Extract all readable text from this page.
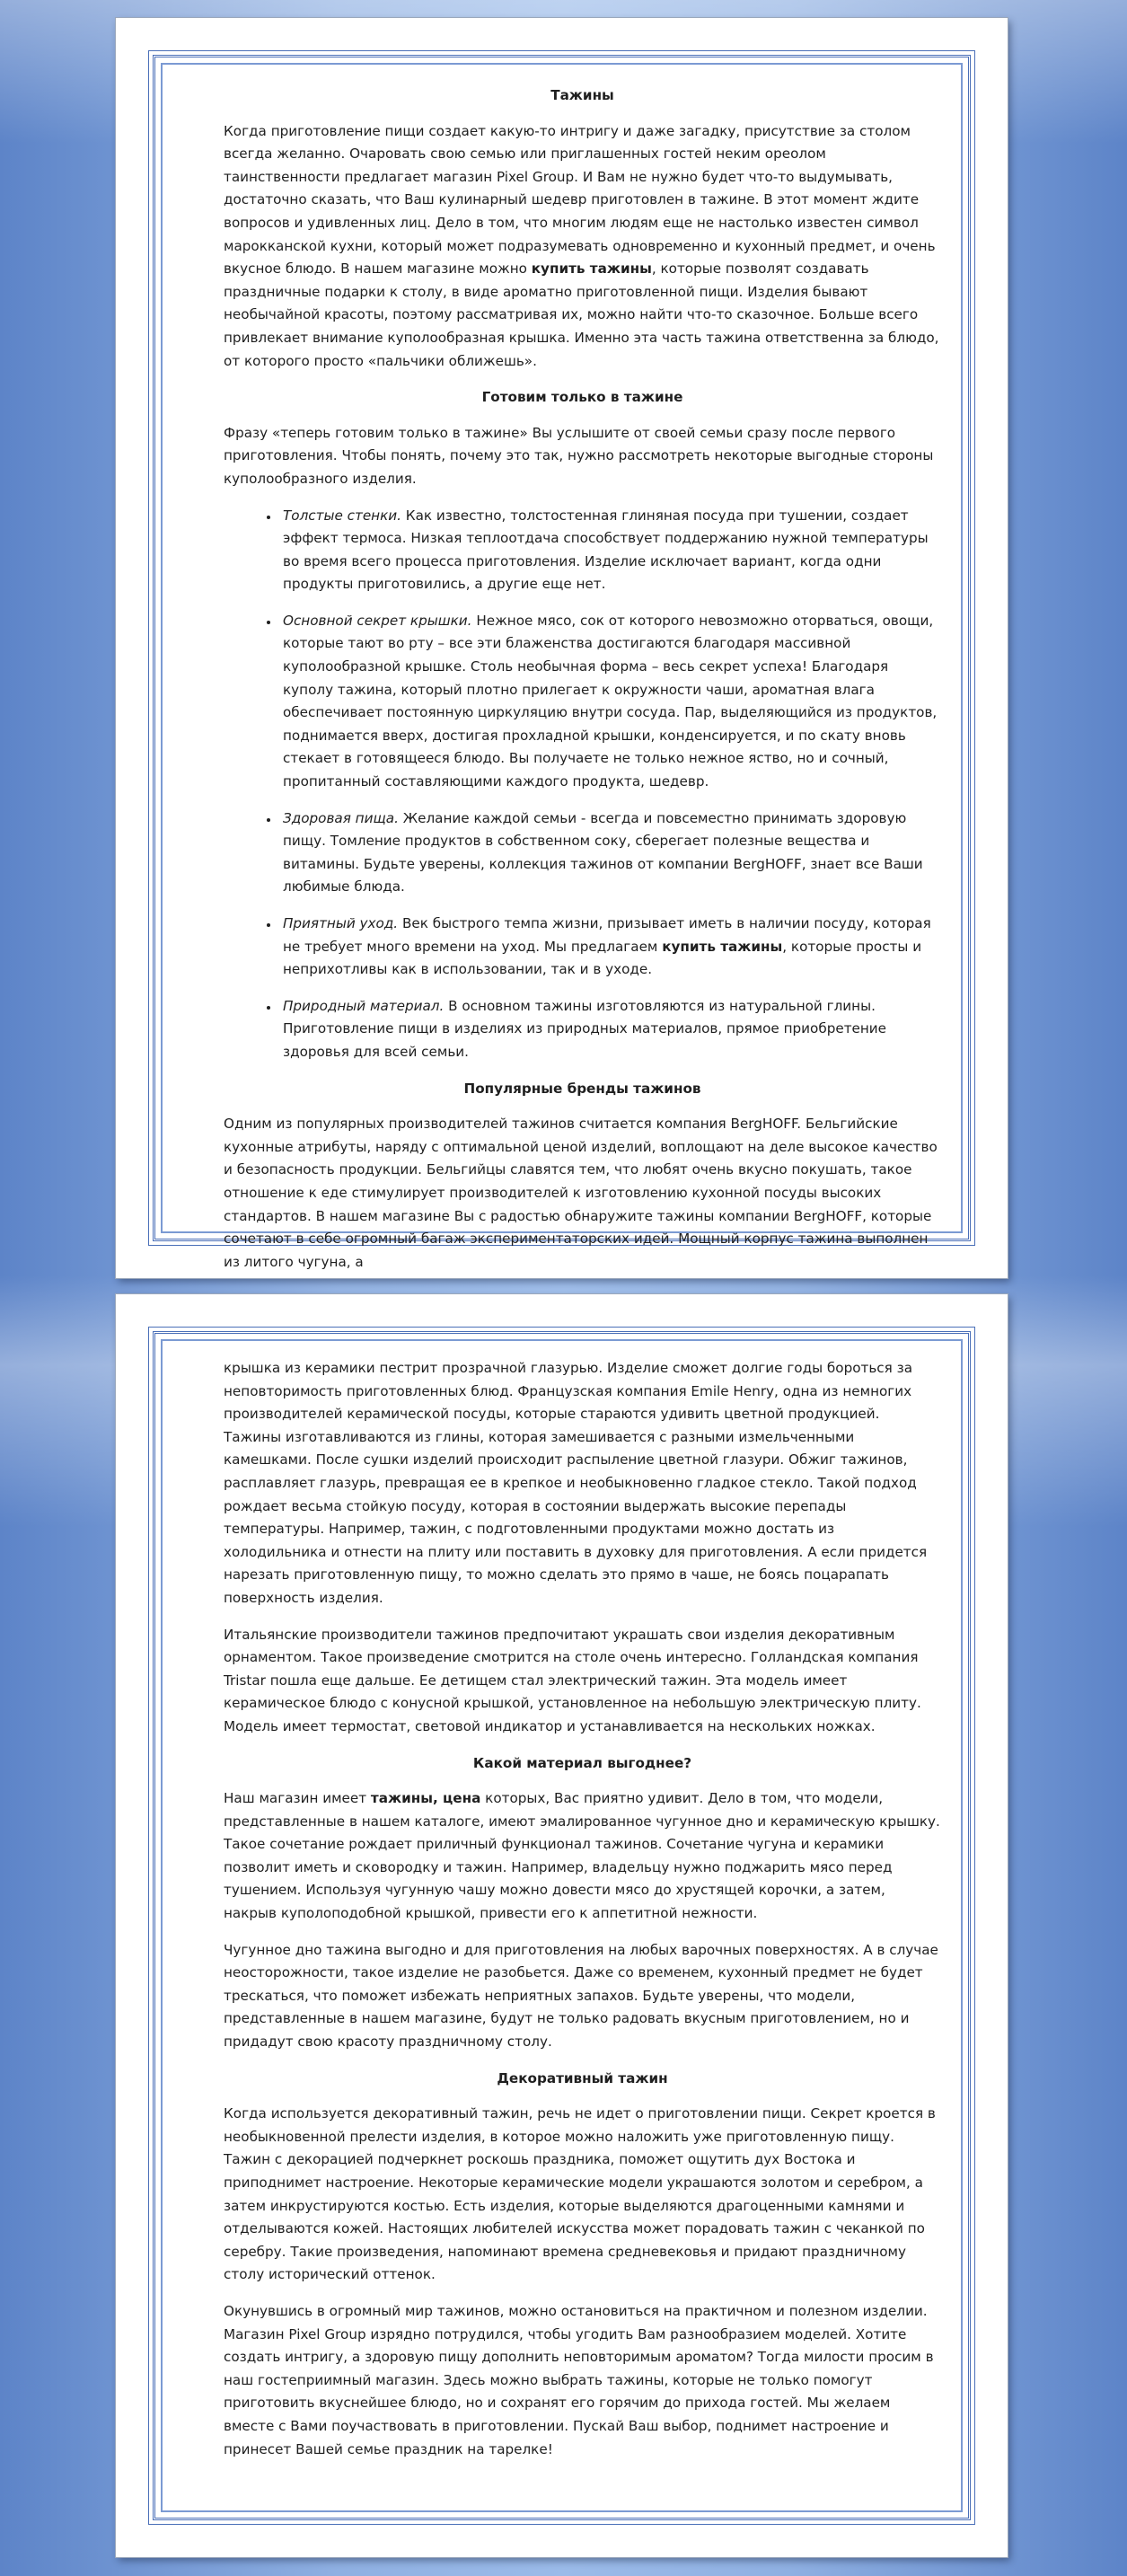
Тажины

Когда приготовление пищи создает какую-то интригу и даже загадку, присутствие за столом всегда желанно. Очаровать свою семью или приглашенных гостей неким ореолом таинственности предлагает магазин Pixel Group. И Вам не нужно будет что-то выдумывать, достаточно сказать, что Ваш кулинарный шедевр приготовлен в тажине. В этот момент ждите вопросов и удивленных лиц. Дело в том, что многим людям еще не настолько известен символ марокканской кухни, который может подразумевать одновременно и кухонный предмет, и очень вкусное блюдо. В нашем магазине можно купить тажины, которые позволят создавать праздничные подарки к столу, в виде ароматно приготовленной пищи. Изделия бывают необычайной красоты, поэтому рассматривая их, можно найти что-то сказочное. Больше всего привлекает внимание куполообразная крышка. Именно эта часть тажина ответственна за блюдо, от которого просто «пальчики оближешь».

Готовим только в тажине

Фразу «теперь готовим только в тажине» Вы услышите от своей семьи сразу после первого приготовления. Чтобы понять, почему это так, нужно рассмотреть некоторые выгодные стороны куполообразного изделия.

• Толстые стенки. Как известно, толстостенная глиняная посуда при тушении, создает эффект термоса. Низкая теплоотдача способствует поддержанию нужной температуры во время всего процесса приготовления. Изделие исключает вариант, когда одни продукты приготовились, а другие еще нет.
• Основной секрет крышки. Нежное мясо, сок от которого невозможно оторваться, овощи, которые тают во рту – все эти блаженства достигаются благодаря массивной куполообразной крышке. Столь необычная форма – весь секрет успеха! Благодаря куполу тажина, который плотно прилегает к окружности чаши, ароматная влага обеспечивает постоянную циркуляцию внутри сосуда. Пар, выделяющийся из продуктов, поднимается вверх, достигая прохладной крышки, конденсируется, и по скату вновь стекает в готовящееся блюдо. Вы получаете не только нежное яство, но и сочный, пропитанный составляющими каждого продукта, шедевр.
• Здоровая пища. Желание каждой семьи - всегда и повсеместно принимать здоровую пищу. Томление продуктов в собственном соку, сберегает полезные вещества и витамины. Будьте уверены, коллекция тажинов от компании BergHOFF, знает все Ваши любимые блюда.
• Приятный уход. Век быстрого темпа жизни, призывает иметь в наличии посуду, которая не требует много времени на уход. Мы предлагаем купить тажины, которые просты и неприхотливы как в использовании, так и в уходе.
• Природный материал. В основном тажины изготовляются из натуральной глины. Приготовление пищи в изделиях из природных материалов, прямое приобретение здоровья для всей семьи.
Популярные бренды тажинов

Одним из популярных производителей тажинов считается компания BergHOFF. Бельгийские кухонные атрибуты, наряду с оптимальной ценой изделий, воплощают на деле высокое качество и безопасность продукции. Бельгийцы славятся тем, что любят очень вкусно покушать, такое отношение к еде стимулирует производителей к изготовлению кухонной посуды высоких стандартов. В нашем магазине Вы с радостью обнаружите тажины компании BergHOFF, которые сочетают в себе огромный багаж экспериментаторских идей. Мощный корпус тажина выполнен из литого чугуна, а

крышка из керамики пестрит прозрачной глазурью. Изделие сможет долгие годы бороться за неповторимость приготовленных блюд. Французская компания Emile Henry, одна из немногих производителей керамической посуды, которые стараются удивить цветной продукцией. Тажины изготавливаются из глины, которая замешивается с разными измельченными камешками. После сушки изделий происходит распыление цветной глазури. Обжиг тажинов, расплавляет глазурь, превращая ее в крепкое и необыкновенно гладкое стекло. Такой подход рождает весьма стойкую посуду, которая в состоянии выдержать высокие перепады температуры. Например, тажин, с подготовленными продуктами можно достать из холодильника и отнести на плиту или поставить в духовку для приготовления. А если придется нарезать приготовленную пищу, то можно сделать это прямо в чаше, не боясь поцарапать поверхность изделия.

Итальянские производители тажинов предпочитают украшать свои изделия декоративным орнаментом. Такое произведение смотрится на столе очень интересно. Голландская компания Tristar пошла еще дальше. Ее детищем стал электрический тажин. Эта модель имеет керамическое блюдо с конусной крышкой, установленное на небольшую электрическую плиту. Модель имеет термостат, световой индикатор и устанавливается на нескольких ножках.

Какой материал выгоднее?

Наш магазин имеет тажины, цена которых, Вас приятно удивит. Дело в том, что модели, представленные в нашем каталоге, имеют эмалированное чугунное дно и керамическую крышку. Такое сочетание рождает приличный функционал тажинов. Сочетание чугуна и керамики позволит иметь и сковородку и тажин. Например, владельцу нужно поджарить мясо перед тушением. Используя чугунную чашу можно довести мясо до хрустящей корочки, а затем, накрыв куполоподобной крышкой, привести его к аппетитной нежности.

Чугунное дно тажина выгодно и для приготовления на любых варочных поверхностях. А в случае неосторожности, такое изделие не разобьется. Даже со временем, кухонный предмет не будет трескаться, что поможет избежать неприятных запахов. Будьте уверены, что модели, представленные в нашем магазине, будут не только радовать вкусным приготовлением, но и придадут свою красоту праздничному столу.

Декоративный тажин

Когда используется декоративный тажин, речь не идет о приготовлении пищи. Секрет кроется в необыкновенной прелести изделия, в которое можно наложить уже приготовленную пищу. Тажин с декорацией подчеркнет роскошь праздника, поможет ощутить дух Востока и приподнимет настроение. Некоторые керамические модели украшаются золотом и серебром, а затем инкрустируются костью. Есть изделия, которые выделяются драгоценными камнями и отделываются кожей. Настоящих любителей искусства может порадовать тажин с чеканкой по серебру. Такие произведения, напоминают времена средневековья и придают праздничному столу исторический оттенок.

Окунувшись в огромный мир тажинов, можно остановиться на практичном и полезном изделии. Магазин Pixel Group изрядно потрудился, чтобы угодить Вам разнообразием моделей. Хотите создать интригу, а здоровую пищу дополнить неповторимым ароматом? Тогда милости просим в наш гостеприимный магазин. Здесь можно выбрать тажины, которые не только помогут приготовить вкуснейшее блюдо, но и сохранят его горячим до прихода гостей. Мы желаем вместе с Вами поучаствовать в приготовлении. Пускай Ваш выбор, поднимет настроение и принесет Вашей семье праздник на тарелке!
